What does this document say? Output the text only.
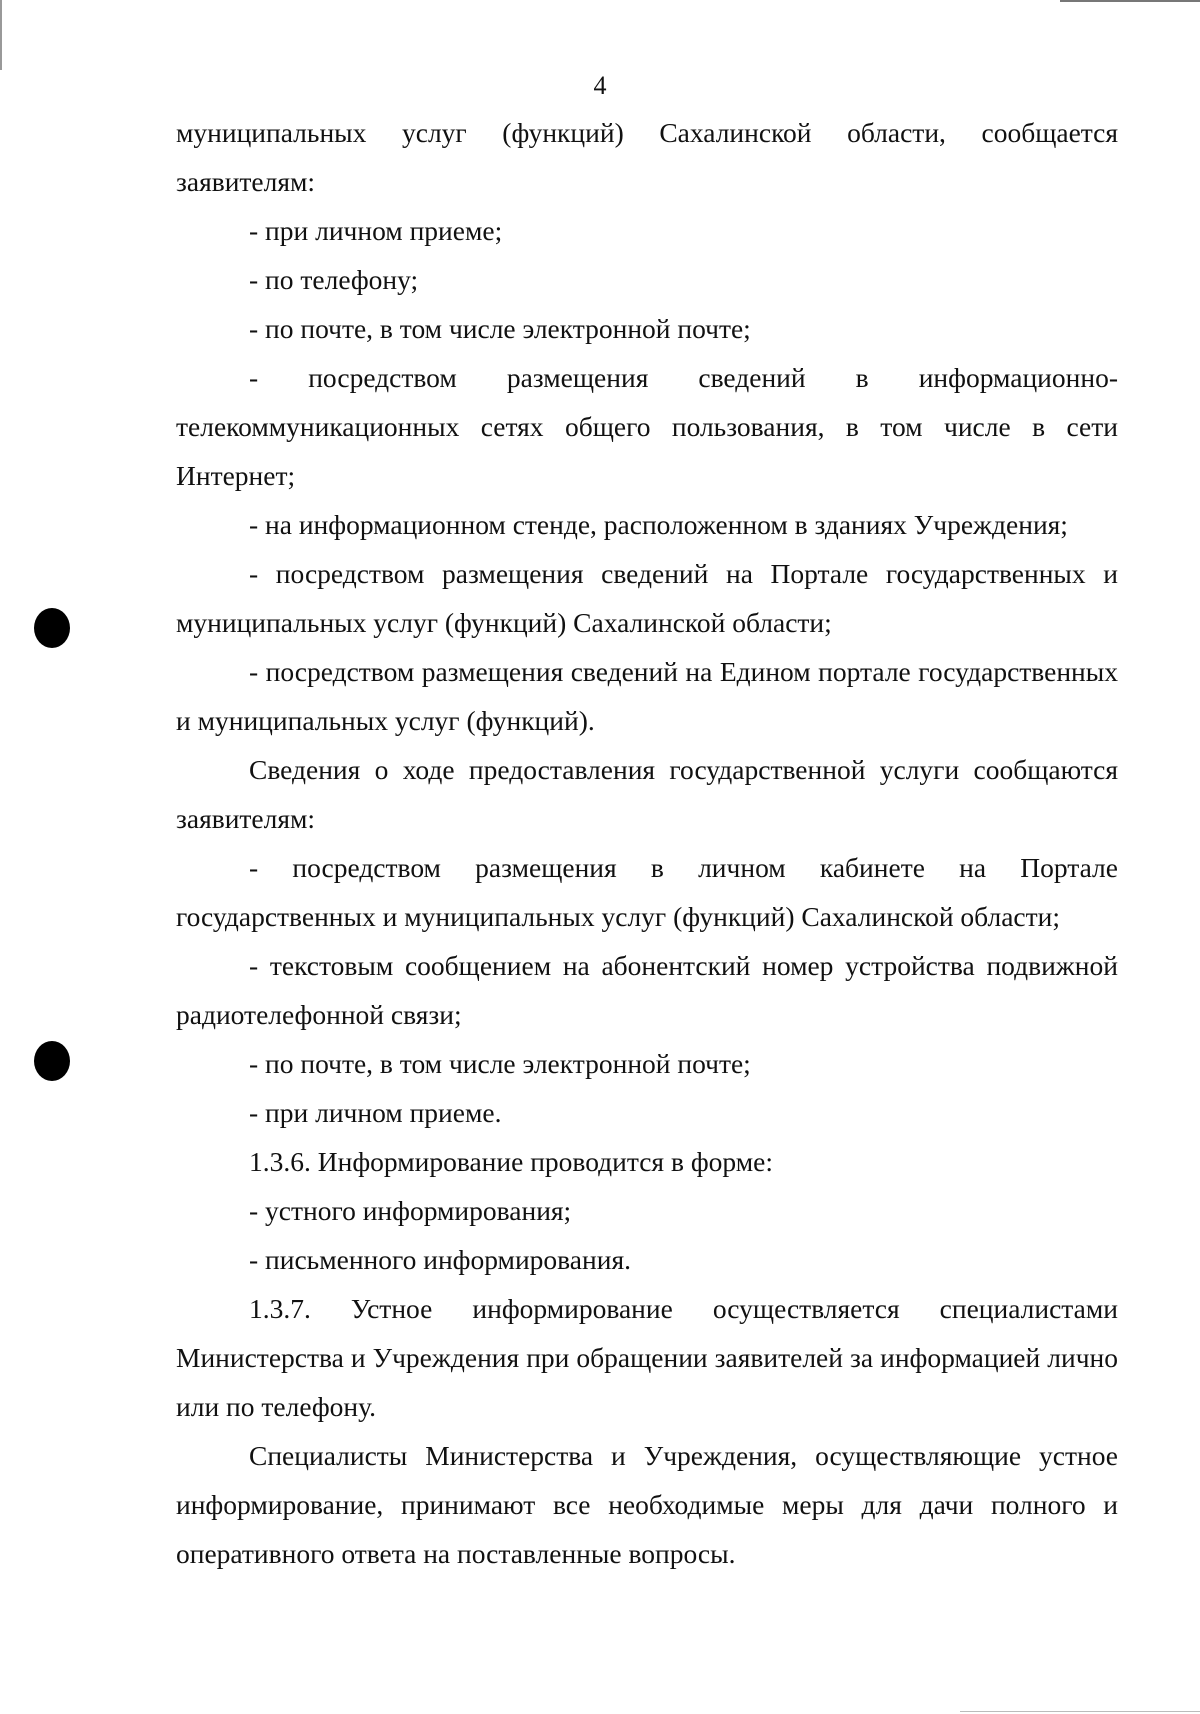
4

муниципальных услуг (функций) Сахалинской области, сообщается заявителям:

- при личном приеме;

- по телефону;

- по почте, в том числе электронной почте;

- посредством размещения сведений в информационно-телекоммуникационных сетях общего пользования, в том числе в сети Интернет;

- на информационном стенде, расположенном в зданиях Учреждения;

- посредством размещения сведений на Портале государственных и муниципальных услуг (функций) Сахалинской области;

- посредством размещения сведений на Едином портале государственных и муниципальных услуг (функций).

Сведения о ходе предоставления государственной услуги сообщаются заявителям:

- посредством размещения в личном кабинете на Портале государственных и муниципальных услуг (функций) Сахалинской области;

- текстовым сообщением на абонентский номер устройства подвижной радиотелефонной связи;

- по почте, в том числе электронной почте;

- при личном приеме.

1.3.6. Информирование проводится в форме:

- устного информирования;

- письменного информирования.

1.3.7. Устное информирование осуществляется специалистами Министерства и Учреждения при обращении заявителей за информацией лично или по телефону.

Специалисты Министерства и Учреждения, осуществляющие устное информирование, принимают все необходимые меры для дачи полного и оперативного ответа на поставленные вопросы.
